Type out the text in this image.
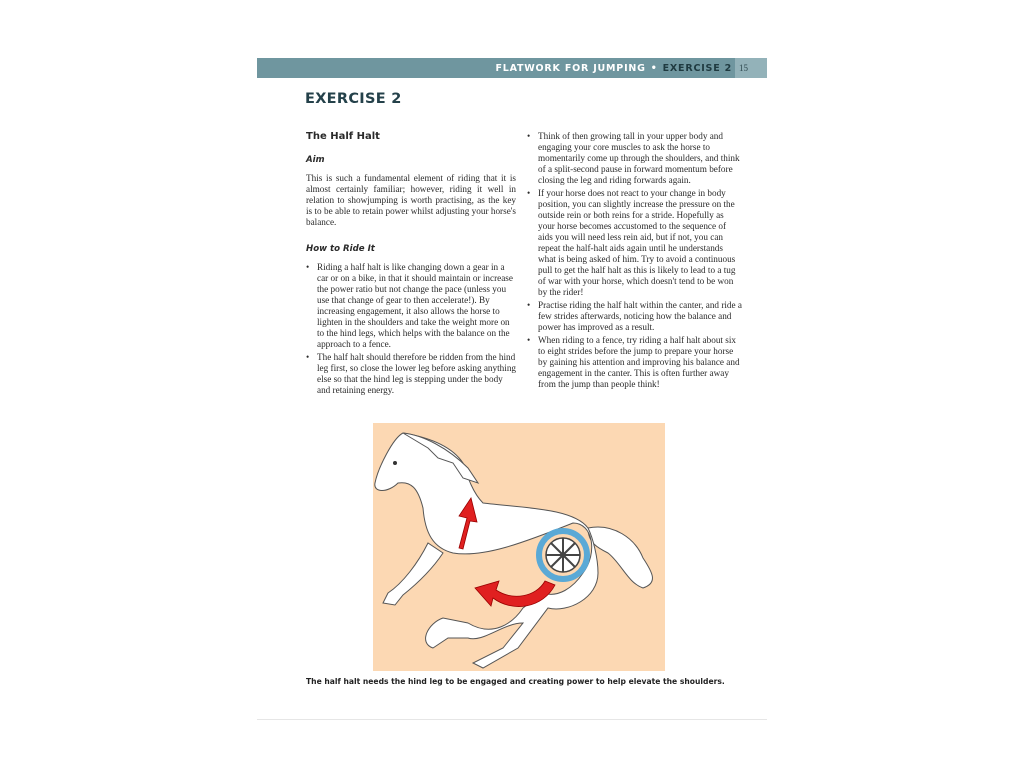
FLATWORK FOR JUMPING • EXERCISE 2 15
EXERCISE 2
The Half Halt
Aim

This is such a fundamental element of riding that it is almost certainly familiar; however, riding it well in relation to showjumping is worth practising, as the key is to be able to retain power whilst adjusting your horse's balance.

How to Ride It
• Riding a half halt is like changing down a gear in a car or on a bike, in that it should maintain or increase the power ratio but not change the pace (unless you use that change of gear to then accelerate!). By increasing engagement, it also allows the horse to lighten in the shoulders and take the weight more on to the hind legs, which helps with the balance on the approach to a fence.
• The half halt should therefore be ridden from the hind leg first, so close the lower leg before asking anything else so that the hind leg is stepping under the body and retaining energy.
• Think of then growing tall in your upper body and engaging your core muscles to ask the horse to momentarily come up through the shoulders, and think of a split-second pause in forward momentum before closing the leg and riding forwards again.
• If your horse does not react to your change in body position, you can slightly increase the pressure on the outside rein or both reins for a stride. Hopefully as your horse becomes accustomed to the sequence of aids you will need less rein aid, but if not, you can repeat the half-halt aids again until he understands what is being asked of him. Try to avoid a continuous pull to get the half halt as this is likely to lead to a tug of war with your horse, which doesn't tend to be won by the rider!
• Practise riding the half halt within the canter, and ride a few strides afterwards, noticing how the balance and power has improved as a result.
• When riding to a fence, try riding a half halt about six to eight strides before the jump to prepare your horse by gaining his attention and improving his balance and engagement in the canter. This is often further away from the jump than people think!
The half halt needs the hind leg to be engaged and creating power to help elevate the shoulders.
